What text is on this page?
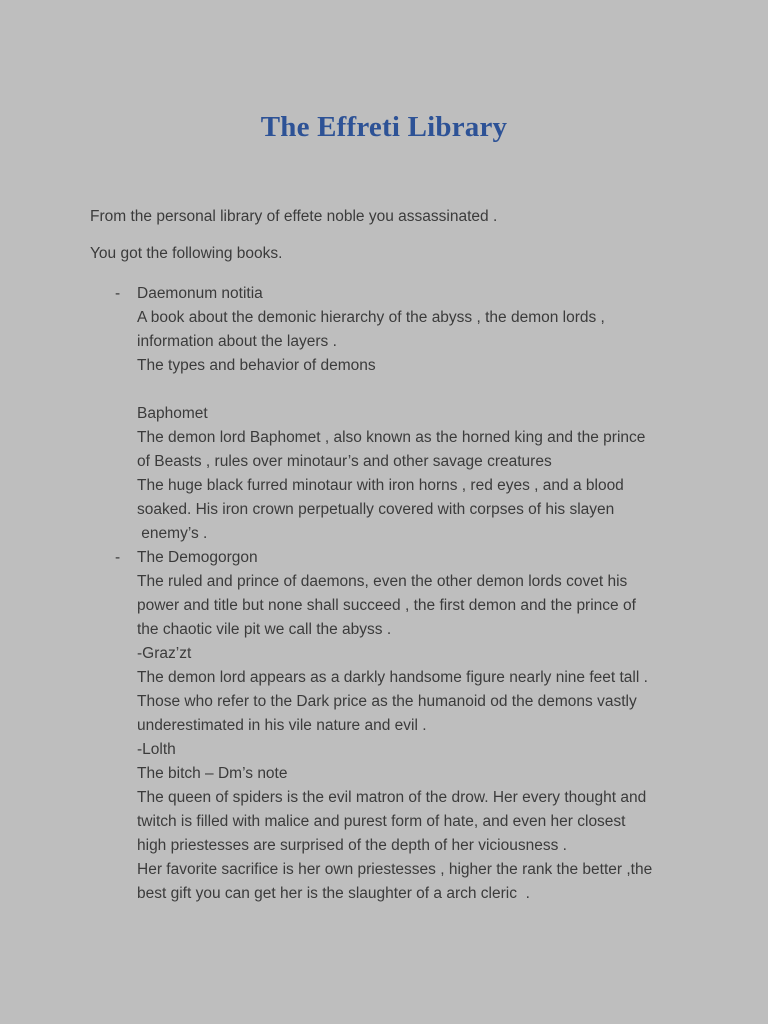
The Effreti Library

From the personal library of effete noble you assassinated .

You got the following books.

-	Daemonum notitia
A book about the demonic hierarchy of the abyss , the demon lords ,
information about the layers .
The types and behavior of demons
Baphomet
The demon lord Baphomet , also known as the horned king and the prince
of Beasts , rules over minotaur’s and other savage creatures
The huge black furred minotaur with iron horns , red eyes , and a blood
soaked. His iron crown perpetually covered with corpses of his slayen
enemy’s .
-	The Demogorgon
The ruled and prince of daemons, even the other demon lords covet his
power and title but none shall succeed , the first demon and the prince of
the chaotic vile pit we call the abyss .
-Graz’zt
The demon lord appears as a darkly handsome figure nearly nine feet tall .
Those who refer to the Dark price as the humanoid od the demons vastly
underestimated in his vile nature and evil .
-Lolth
The bitch – Dm’s note
The queen of spiders is the evil matron of the drow. Her every thought and
twitch is filled with malice and purest form of hate, and even her closest
high priestesses are surprised of the depth of her viciousness .
Her favorite sacrifice is her own priestesses , higher the rank the better ,the
best gift you can get her is the slaughter of a arch cleric  .
